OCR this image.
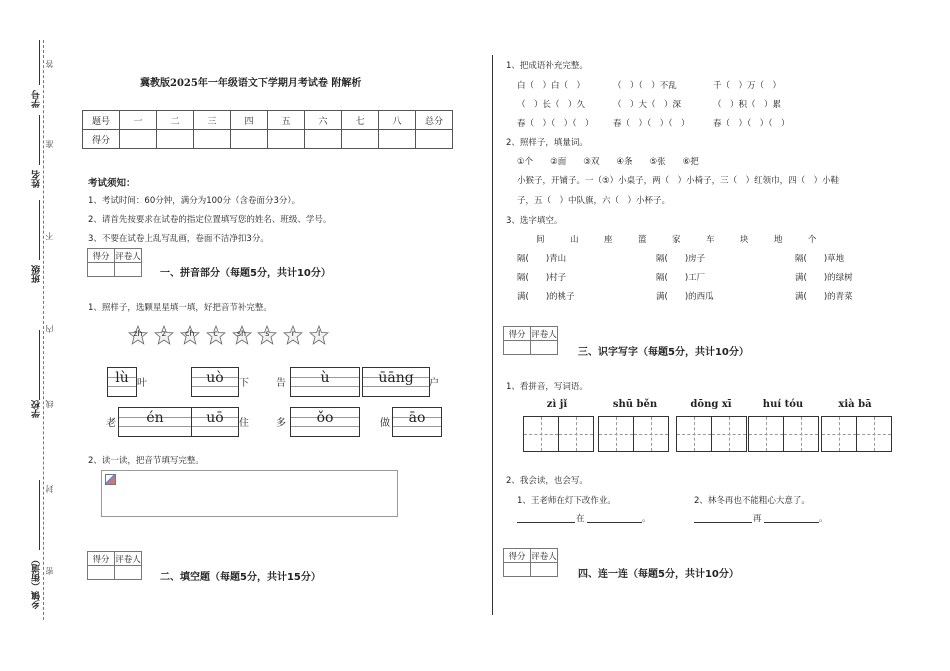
学号
姓名
班级
学校
乡镇（街道）
答
准
不
内
线
封
密
冀教版2025年一年级语文下学期月考试卷 附解析
题号	一	二	三	四	五	六	七	八	总分
得分									
考试须知：
1、考试时间：60分钟，满分为100分（含卷面分3分）。
2、请首先按要求在试卷的指定位置填写您的姓名、班级、学号。
3、不要在试卷上乱写乱画，卷面不洁净扣3分。
得分	评卷人

一、拼音部分（每题5分，共计10分）
1、照样子，选颗星星填一填，好把音节补完整。
zh
	z
	ch
	c
	sh
	s
	r
	l
lù 叶	uò	下	告	ù	ūāng	户
老	én	uō	住	多	ǒo	做	āo
2、读一读，把音节填写完整。
得分	评卷人

二、填空题（每题5分，共计15分）
1、把成语补充完整。
白（　）白（　）	（　）（　）不乱	千（　）万（　）
（　）长（　）久	（　）大（　）深	（　）积（　）累
春（　）（　）（　） 春（　）（　）（　）	春（　）（　）（　）
2、照样子，填量词。
①个　　②面　　③双　　④条　　⑤张　　⑥把
小猴子，开铺子。一（⑤）小桌子，两（　）小椅子，三（　）红领巾，四（　）小鞋
子，五（　）中队旗，六（　）小杯子。
3、选字填空。
间	山	座	篮	家	车	块	地	个
隔(　　)青山	隔(　　)房子	隔(　　)草地
隔(　　)村子	隔(　　)工厂	满(　　)的绿树
满(　　)的桃子	满(　　)的西瓜	满(　　)的青菜
得分	评卷人

三、识字写字（每题5分，共计10分）
1、看拼音，写词语。
zì jǐ	shū běn	dōng xī	huí tóu	xià bā
2、我会读，也会写。
1、王老师在灯下改作业。	2、林冬再也不能粗心大意了。
在	。	再	。
得分	评卷人

四、连一连（每题5分，共计10分）
